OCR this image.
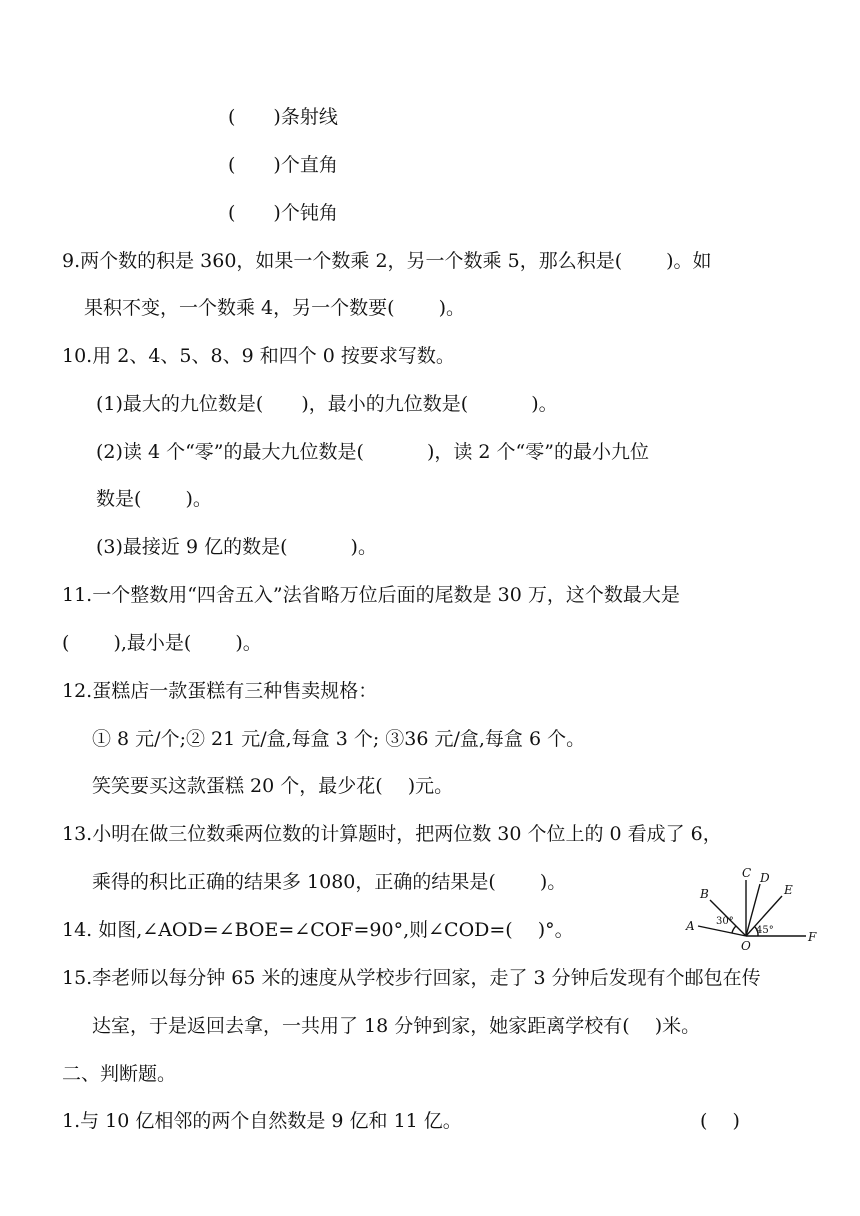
(　　)条射线
(　　)个直角
(　　)个钝角
9.两个数的积是 360，如果一个数乘 2，另一个数乘 5，那么积是(　　 )。如
果积不变，一个数乘 4，另一个数要(　　 )。
10.用 2、4、5、8、9 和四个 0 按要求写数。
(1)最大的九位数是(　　)，最小的九位数是(　　　 )。
(2)读 4 个“零”的最大九位数是(　　　 )，读 2 个“零”的最小九位
数是(　　 )。
(3)最接近 9 亿的数是(　　　 )。
11.一个整数用“四舍五入”法省略万位后面的尾数是 30 万，这个数最大是
(　　 ),最小是(　　 )。
12.蛋糕店一款蛋糕有三种售卖规格：
① 8 元/个;② 21 元/盒,每盒 3 个; ③36 元/盒,每盒 6 个。
笑笑要买这款蛋糕 20 个，最少花(　 )元。
13.小明在做三位数乘两位数的计算题时，把两位数 30 个位上的 0 看成了 6，
乘得的积比正确的结果多 1080，正确的结果是(　　 )。
14. 如图,∠AOD=∠BOE=∠COF=90°,则∠COD=(　 )°。
15.李老师以每分钟 65 米的速度从学校步行回家，走了 3 分钟后发现有个邮包在传
达室，于是返回去拿，一共用了 18 分钟到家，她家距离学校有(　 )米。
二、判断题。
1.与 10 亿相邻的两个自然数是 9 亿和 11 亿。	(　 )
A
B
C D
E
F
O
30°
45°
